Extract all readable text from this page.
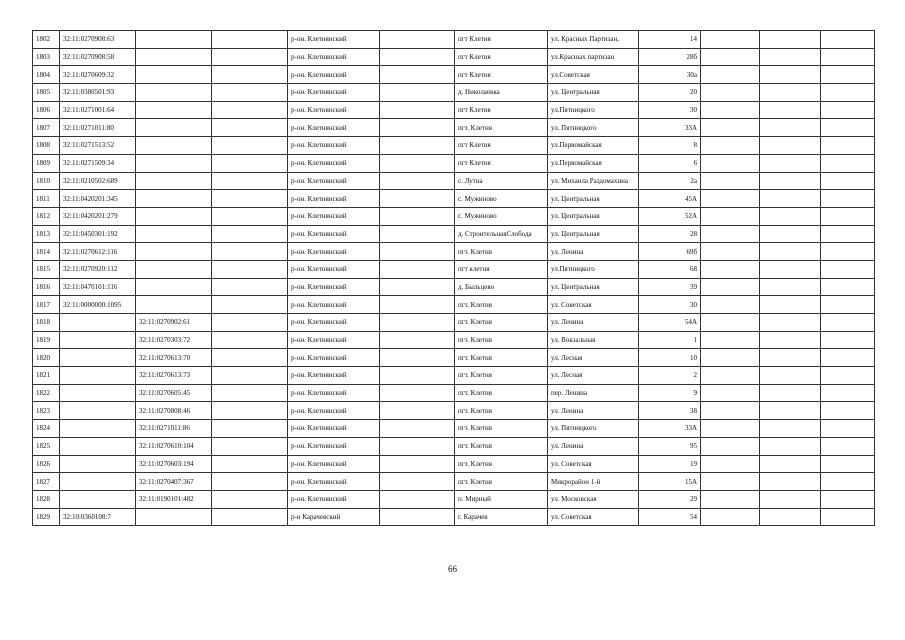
1802	32:11:0270908:63			р-он. Клетнянский		пгт Клетня	ул. Красных Партизан,	14			
1803	32:11:0270908:58			р-он. Клетнянский		пгт Клетня	ул.Красных партизан	28б			
1804	32:11:0270609:32			р-он. Клетнянский		пгт Клетня	ул.Советская	30а			
1805	32:11:0380501:93			р-он. Клетнянский		д. Николаевка	ул. Центральная	20			
1806	32:11:0271001:64			р-он. Клетнянский		пгт Клетня	ул.Пятницкого	30			
1807	32:11:0271011:80			р-он. Клетнянский		пгт. Клетня	ул. Пятницкого	33А			
1808	32:11:0271513:52			р-он. Клетнянский		пгт Клетня	ул.Первомайская	8			
1809	32:11:0271509:34			р-он. Клетнянский		пгт Клетня	ул.Первомайская	6			
1810	32:11:0210502:689			р-он. Клетнянский		с. Лутна	ул. Михаила Раздомахина	2а			
1811	32:11:0420201:345			р-он. Клетнянский		с. Мужиново	ул. Центральная	45А			
1812	32:11:0420201:279			р-он. Клетнянский		с. Мужиново	ул. Центральная	52А			
1813	32:11:0450301:192			р-он. Клетнянский		д. СтроительнаяСлобода	ул. Центральная	28			
1814	32:11:0270612:116			р-он. Клетнянский		пгт. Клетня	ул. Ленина	69б			
1815	32:11:0270920:112			р-он. Клетнянский		пгт клетня	ул.Пятницкого	68			
1816	32:11:0470101:116			р-он. Клетнянский		д. Быльцево	ул. Центральная	39			
1817	32:11:0000000:1095			р-он. Клетнянский		пгт. Клетня	ул. Советская	30			
1818		32:11:0270902:61		р-он. Клетнянский		пгт. Клетня	ул. Ленина	54А			
1819		32:11:0270303:72		р-он. Клетнянский		пгт. Клетня	ул. Вокзальная	1			
1820		32:11:0270613:70		р-он. Клетнянский		пгт. Клетня	ул. Лесная	10			
1821		32:11:0270613:73		р-он. Клетнянский		пгт. Клетня	ул. Лесная	2			
1822		32:11:0270605:45		р-он. Клетнянский		пгт. Клетня	пер. Ленина	9			
1823		32:11:0270808:46		р-он. Клетнянский		пгт. Клетня	ул. Ленина	38			
1824		32:11:0271011:86		р-он. Клетнянский		пгт. Клетня	ул. Пятницкого	33А			
1825		32:11:0270610:104		р-он. Клетнянский		пгт. Клетня	ул. Ленина	95			
1826		32:11:0270603:194		р-он. Клетнянский		пгт. Клетня	ул. Советская	19			
1827		32:11:0270407:367		р-он. Клетнянский		пгт. Клетня	Микрорайон 1-й	15А			
1828		32:11:0190101:482		р-он. Клетнянский		п. Мирный	ул. Московская	29			
1829	32:10:0360108:7			р-н Карачевский		г. Карачев	ул. Советская	54			
66
